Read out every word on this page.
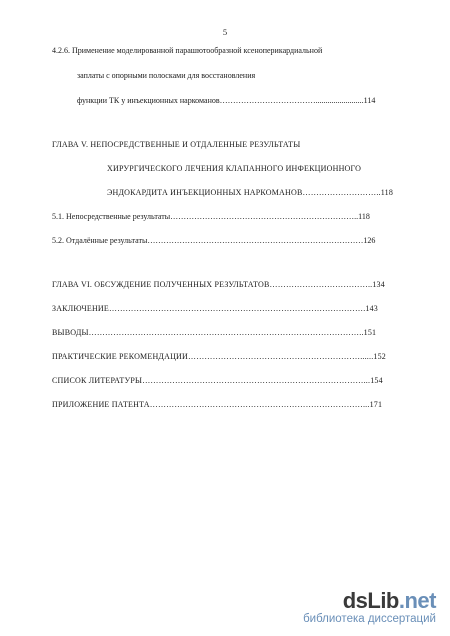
5
4.2.6. Применение моделированной парашютообразной ксеноперикардиальной
заплаты с опорными полосками для восстановления
функции ТК у инъекционных наркоманов………………………………........................114
ГЛАВА V. НЕПОСРЕДСТВЕННЫЕ И ОТДАЛЕННЫЕ РЕЗУЛЬТАТЫ
ХИРУРГИЧЕСКОГО ЛЕЧЕНИЯ КЛАПАННОГО ИНФЕКЦИОННОГО
ЭНДОКАРДИТА ИНЪЕКЦИОННЫХ НАРКОМАНОВ………………………..118
5.1. Непосредственные результаты……………………………………………………………..118
5.2. Отдалённые результаты………………………………………………………………………126
ГЛАВА VI. ОБСУЖДЕНИЕ ПОЛУЧЕННЫХ РЕЗУЛЬТАТОВ………………………………..134
ЗАКЛЮЧЕНИЕ………………………………………………………………………………….143
ВЫВОДЫ………………………………………………………………………………………..151
ПРАКТИЧЕСКИЕ РЕКОМЕНДАЦИИ………………………………………………………......152
СПИСОК ЛИТЕРАТУРЫ………………………………………………………………………...154
ПРИЛОЖЕНИЕ ПАТЕНТА……………………………………………………………………...171
dsLib.net
библиотека диссертаций
